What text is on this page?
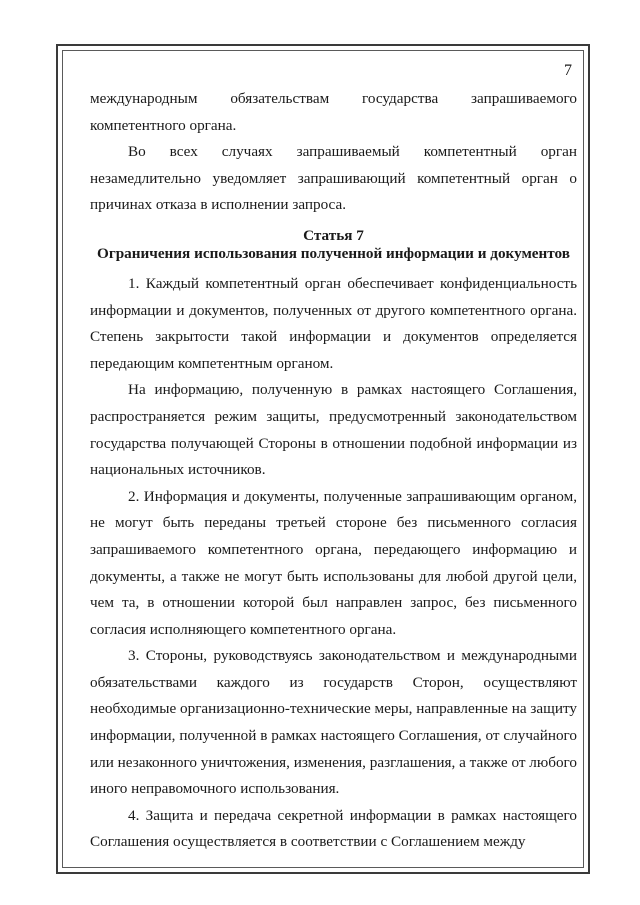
7

международным обязательствам государства запрашиваемого компетентного органа.

Во всех случаях запрашиваемый компетентный орган незамедлительно уведомляет запрашивающий компетентный орган о причинах отказа в исполнении запроса.

Статья 7

Ограничения использования полученной информации и документов

1. Каждый компетентный орган обеспечивает конфиденциальность информации и документов, полученных от другого компетентного органа. Степень закрытости такой информации и документов определяется передающим компетентным органом.

На информацию, полученную в рамках настоящего Соглашения, распространяется режим защиты, предусмотренный законодательством государства получающей Стороны в отношении подобной информации из национальных источников.

2. Информация и документы, полученные запрашивающим органом, не могут быть переданы третьей стороне без письменного согласия запрашиваемого компетентного органа, передающего информацию и документы, а также не могут быть использованы для любой другой цели, чем та, в отношении которой был направлен запрос, без письменного согласия исполняющего компетентного органа.

3. Стороны, руководствуясь законодательством и международными обязательствами каждого из государств Сторон, осуществляют необходимые организационно-технические меры, направленные на защиту информации, полученной в рамках настоящего Соглашения, от случайного или незаконного уничтожения, изменения, разглашения, а также от любого иного неправомочного использования.

4. Защита и передача секретной информации в рамках настоящего Соглашения осуществляется в соответствии с Соглашением между
